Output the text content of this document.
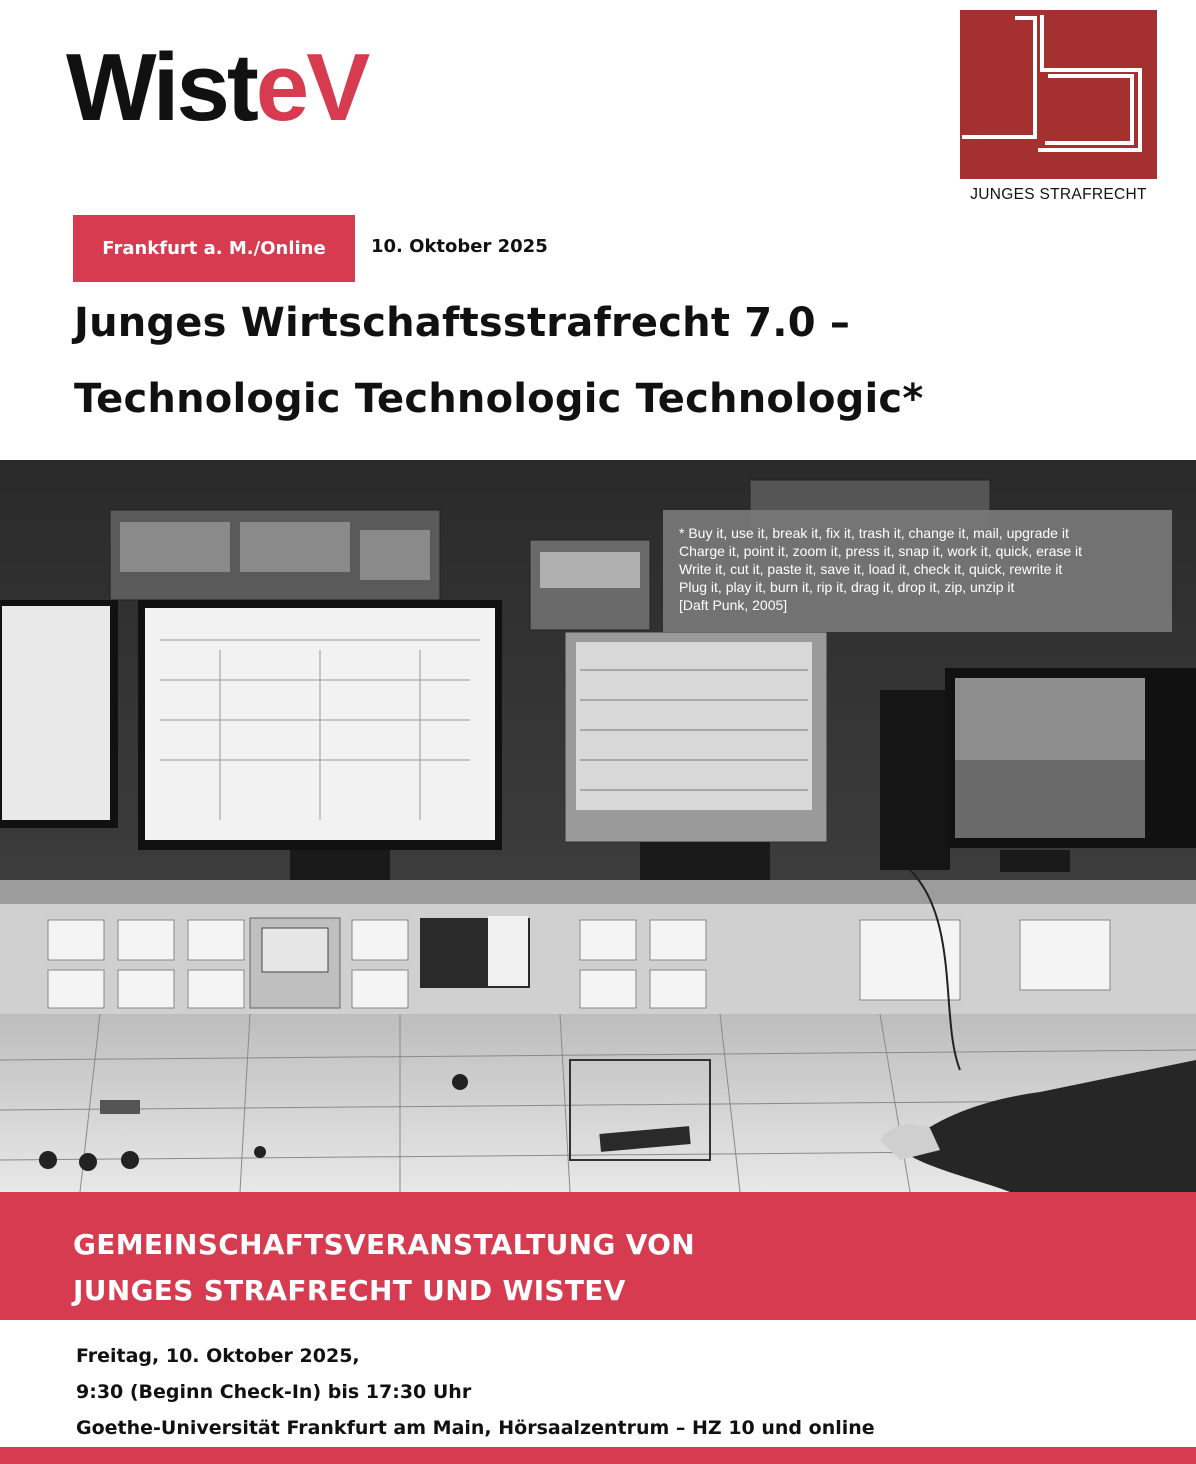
WisteV
JUNGES STRAFRECHT
Frankfurt a. M./Online	10. Oktober 2025
Junges Wirtschaftsstrafrecht 7.0 –
Technologic Technologic Technologic*
* Buy it, use it, break it, fix it, trash it, change it, mail, upgrade it
Charge it, point it, zoom it, press it, snap it, work it, quick, erase it
Write it, cut it, paste it, save it, load it, check it, quick, rewrite it
Plug it, play it, burn it, rip it, drag it, drop it, zip, unzip it
[Daft Punk, 2005]
GEMEINSCHAFTSVERANSTALTUNG VON
JUNGES STRAFRECHT UND WISTEV
Freitag, 10. Oktober 2025,
9:30 (Beginn Check-In) bis 17:30 Uhr
Goethe-Universität Frankfurt am Main, Hörsaalzentrum – HZ 10 und online
